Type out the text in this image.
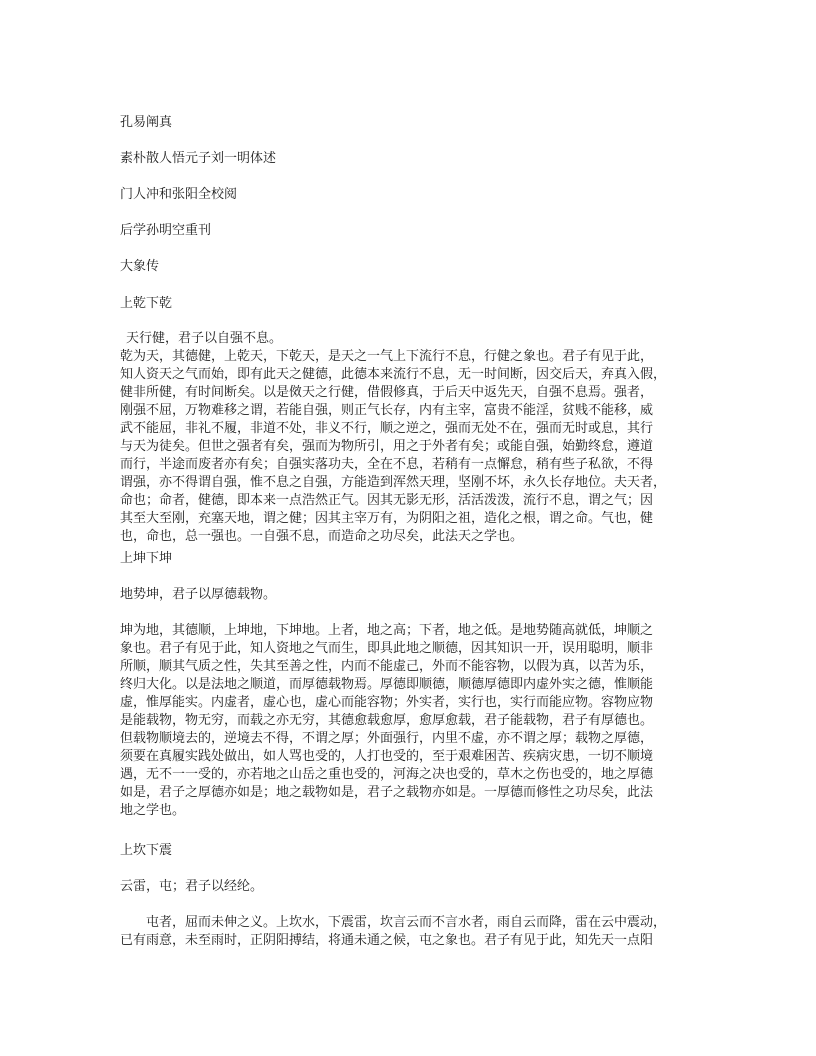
孔易阐真

素朴散人悟元子刘一明体述

门人冲和张阳全校阅

后学孙明空重刊

大象传

上乾下乾

天行健，君子以自强不息。
乾为天，其德健，上乾天，下乾天，是天之一气上下流行不息，行健之象也。君子有见于此，
知人资天之气而始，即有此天之健德，此德本来流行不息，无一时间断，因交后天，弃真入假，
健非所健，有时间断矣。以是傚天之行健，借假修真，于后天中返先天，自强不息焉。强者，
刚强不屈，万物难移之谓，若能自强，则正气长存，内有主宰，富贵不能淫，贫贱不能移，威
武不能屈，非礼不履，非道不处，非义不行，顺之逆之，强而无处不在，强而无时或息，其行
与天为徒矣。但世之强者有矣，强而为物所引，用之于外者有矣；或能自强，始勤终怠，遵道
而行，半途而废者亦有矣；自强实落功夫，全在不息，若稍有一点懈怠，稍有些子私欲，不得
谓强，亦不得谓自强，惟不息之自强，方能造到浑然天理，坚刚不坏，永久长存地位。夫天者，
命也；命者，健德，即本来一点浩然正气。因其无影无形，活活泼泼，流行不息，谓之气；因
其至大至刚，充塞天地，谓之健；因其主宰万有，为阴阳之祖，造化之根，谓之命。气也，健
也，命也，总一强也。一自强不息，而造命之功尽矣，此法天之学也。

上坤下坤

地势坤，君子以厚德载物。

坤为地，其德顺，上坤地，下坤地。上者，地之高；下者，地之低。是地势随高就低，坤顺之
象也。君子有见于此，知人资地之气而生，即具此地之顺德，因其知识一开，误用聪明，顺非
所顺，顺其气质之性，失其至善之性，内而不能虚己，外而不能容物，以假为真，以苦为乐，
终归大化。以是法地之顺道，而厚德载物焉。厚德即顺德，顺德厚德即内虚外实之德，惟顺能
虚，惟厚能实。内虚者，虚心也，虚心而能容物；外实者，实行也，实行而能应物。容物应物
是能载物，物无穷，而载之亦无穷，其德愈载愈厚，愈厚愈载，君子能载物，君子有厚德也。
但载物顺境去的，逆境去不得，不谓之厚；外面强行，内里不虚，亦不谓之厚；载物之厚德，
须要在真履实践处做出，如人骂也受的，人打也受的，至于艰难困苦、疾病灾患，一切不顺境
遇，无不一一受的，亦若地之山岳之重也受的，河海之决也受的，草木之伤也受的，地之厚德
如是，君子之厚德亦如是；地之载物如是，君子之载物亦如是。一厚德而修性之功尽矣，此法
地之学也。

上坎下震

云雷，屯；君子以经纶。

　　屯者，屈而未伸之义。上坎水，下震雷，坎言云而不言水者，雨自云而降，雷在云中震动，
已有雨意，未至雨时，正阴阳搏结，将通未通之候，屯之象也。君子有见于此，知先天一点阳
